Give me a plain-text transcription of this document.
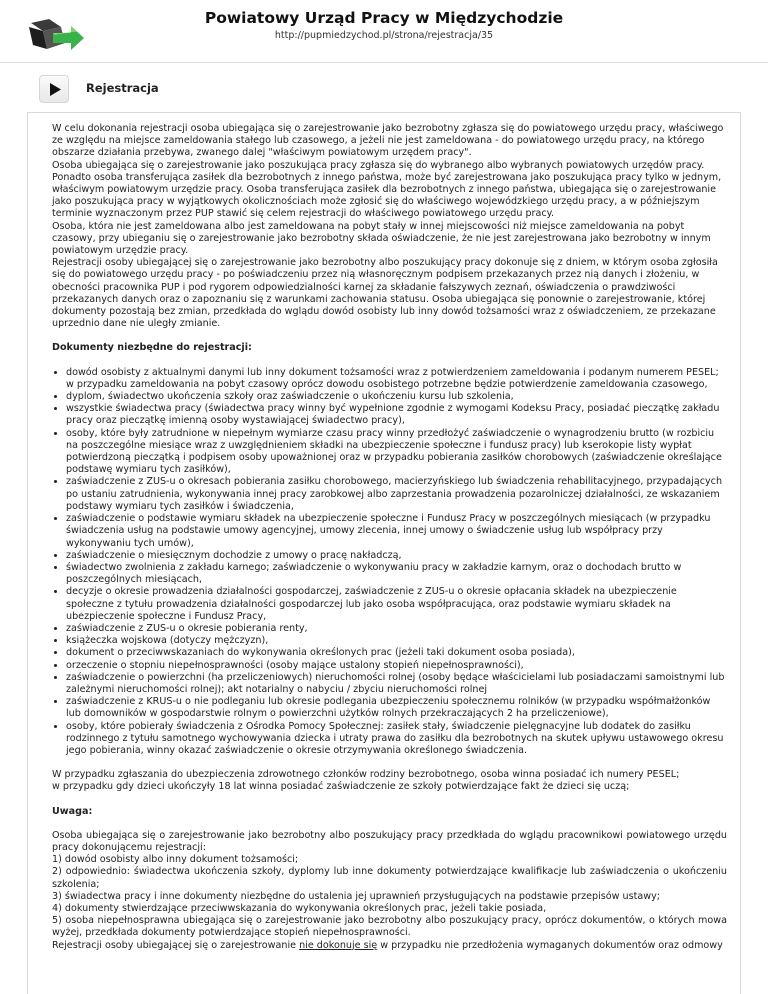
Powiatowy Urząd Pracy w Międzychodzie
http://pupmiedzychod.pl/strona/rejestracja/35
Rejestracja

W celu dokonania rejestracji osoba ubiegająca się o zarejestrowanie jako bezrobotny zgłasza się do powiatowego urzędu pracy, właściwego ze względu na miejsce zameldowania stałego lub czasowego, a jeżeli nie jest zameldowana - do powiatowego urzędu pracy, na którego obszarze działania przebywa, zwanego dalej "właściwym powiatowym urzędem pracy".

Osoba ubiegająca się o zarejestrowanie jako poszukująca pracy zgłasza się do wybranego albo wybranych powiatowych urzędów pracy. Ponadto osoba transferująca zasiłek dla bezrobotnych z innego państwa, może być zarejestrowana jako poszukująca pracy tylko w jednym, właściwym powiatowym urzędzie pracy. Osoba transferująca zasiłek dla bezrobotnych z innego państwa, ubiegająca się o zarejestrowanie jako poszukująca pracy w wyjątkowych okolicznościach może zgłosić się do właściwego wojewódzkiego urzędu pracy, a w późniejszym terminie wyznaczonym przez PUP stawić się celem rejestracji do właściwego powiatowego urzędu pracy.

Osoba, która nie jest zameldowana albo jest zameldowana na pobyt stały w innej miejscowości niż miejsce zameldowania na pobyt czasowy, przy ubieganiu się o zarejestrowanie jako bezrobotny składa oświadczenie, że nie jest zarejestrowana jako bezrobotny w innym powiatowym urzędzie pracy.

Rejestracji osoby ubiegającej się o zarejestrowanie jako bezrobotny albo poszukujący pracy dokonuje się z dniem, w którym osoba zgłosiła się do powiatowego urzędu pracy - po poświadczeniu przez nią własnoręcznym podpisem przekazanych przez nią danych i złożeniu, w obecności pracownika PUP i pod rygorem odpowiedzialności karnej za składanie fałszywych zeznań, oświadczenia o prawdziwości przekazanych danych oraz o zapoznaniu się z warunkami zachowania statusu. Osoba ubiegająca się ponownie o zarejestrowanie, której dokumenty pozostają bez zmian, przedkłada do wglądu dowód osobisty lub inny dowód tożsamości wraz z oświadczeniem, ze przekazane uprzednio dane nie uległy zmianie.

Dokumenty niezbędne do rejestracji:
• dowód osobisty z aktualnymi danymi lub inny dokument tożsamości wraz z potwierdzeniem zameldowania i podanym numerem PESEL; w przypadku zameldowania na pobyt czasowy oprócz dowodu osobistego potrzebne będzie potwierdzenie zameldowania czasowego,
• dyplom, świadectwo ukończenia szkoły oraz zaświadczenie o ukończeniu kursu lub szkolenia,
• wszystkie świadectwa pracy (świadectwa pracy winny być wypełnione zgodnie z wymogami Kodeksu Pracy, posiadać pieczątkę zakładu pracy oraz pieczątkę imienną osoby wystawiającej świadectwo pracy),
• osoby, które były zatrudnione w niepełnym wymiarze czasu pracy winny przedłożyć zaświadczenie o wynagrodzeniu brutto (w rozbiciu na poszczególne miesiące wraz z uwzględnieniem składki na ubezpieczenie społeczne i fundusz pracy) lub kserokopie listy wypłat potwierdzoną pieczątką i podpisem osoby upoważnionej oraz w przypadku pobierania zasiłków chorobowych (zaświadczenie określające podstawę wymiaru tych zasiłków),
• zaświadczenie z ZUS-u o okresach pobierania zasiłku chorobowego, macierzyńskiego lub świadczenia rehabilitacyjnego, przypadających po ustaniu zatrudnienia, wykonywania innej pracy zarobkowej albo zaprzestania prowadzenia pozarolniczej działalności, ze wskazaniem podstawy wymiaru tych zasiłków i świadczenia,
• zaświadczenie o podstawie wymiaru składek na ubezpieczenie społeczne i Fundusz Pracy w poszczególnych miesiącach (w przypadku świadczenia usług na podstawie umowy agencyjnej, umowy zlecenia, innej umowy o świadczenie usług lub współpracy przy wykonywaniu tych umów),
• zaświadczenie o miesięcznym dochodzie z umowy o pracę nakładczą,
• świadectwo zwolnienia z zakładu karnego; zaświadczenie o wykonywaniu pracy w zakładzie karnym, oraz o dochodach brutto w poszczególnych miesiącach,
• decyzje o okresie prowadzenia działalności gospodarczej, zaświadczenie z ZUS-u o okresie opłacania składek na ubezpieczenie społeczne z tytułu prowadzenia działalności gospodarczej lub jako osoba współpracująca, oraz podstawie wymiaru składek na ubezpieczenie społeczne i Fundusz Pracy,
• zaświadczenie z ZUS-u o okresie pobierania renty,
• książeczka wojskowa (dotyczy mężczyzn),
• dokument o przeciwwskazaniach do wykonywania określonych prac (jeżeli taki dokument osoba posiada),
• orzeczenie o stopniu niepełnosprawności (osoby mające ustalony stopień niepełnosprawności),
• zaświadczenie o powierzchni (ha przeliczeniowych) nieruchomości rolnej (osoby będące właścicielami lub posiadaczami samoistnymi lub zależnymi nieruchomości rolnej); akt notarialny o nabyciu / zbyciu nieruchomości rolnej
• zaświadczenie z KRUS-u o nie podleganiu lub okresie podlegania ubezpieczeniu społecznemu rolników (w przypadku współmałżonków lub domowników w gospodarstwie rolnym o powierzchni użytków rolnych przekraczających 2 ha przeliczeniowe),
• osoby, które pobierały świadczenia z Ośrodka Pomocy Społecznej: zasiłek stały, świadczenie pielęgnacyjne lub dodatek do zasiłku rodzinnego z tytułu samotnego wychowywania dziecka i utraty prawa do zasiłku dla bezrobotnych na skutek upływu ustawowego okresu jego pobierania, winny okazać zaświadczenie o okresie otrzymywania określonego świadczenia.

W przypadku zgłaszania do ubezpieczenia zdrowotnego członków rodziny bezrobotnego, osoba winna posiadać ich numery PESEL;

w przypadku gdy dzieci ukończyły 18 lat winna posiadać zaświadczenie ze szkoły potwierdzające fakt że dzieci się uczą;

Uwaga:
Osoba ubiegająca się o zarejestrowanie jako bezrobotny albo poszukujący pracy przedkłada do wglądu pracownikowi powiatowego urzędu pracy dokonującemu rejestracji:
1) dowód osobisty albo inny dokument tożsamości;
2) odpowiednio: świadectwa ukończenia szkoły, dyplomy lub inne dokumenty potwierdzające kwalifikacje lub zaświadczenia o ukończeniu szkolenia;
3) świadectwa pracy i inne dokumenty niezbędne do ustalenia jej uprawnień przysługujących na podstawie przepisów ustawy;
4) dokumenty stwierdzające przeciwwskazania do wykonywania określonych prac, jeżeli takie posiada,
5) osoba niepełnosprawna ubiegająca się o zarejestrowanie jako bezrobotny albo poszukujący pracy, oprócz dokumentów, o których mowa wyżej, przedkłada dokumenty potwierdzające stopień niepełnosprawności.
Rejestracji osoby ubiegającej się o zarejestrowanie nie dokonuje się w przypadku nie przedłożenia wymaganych dokumentów oraz odmowy
